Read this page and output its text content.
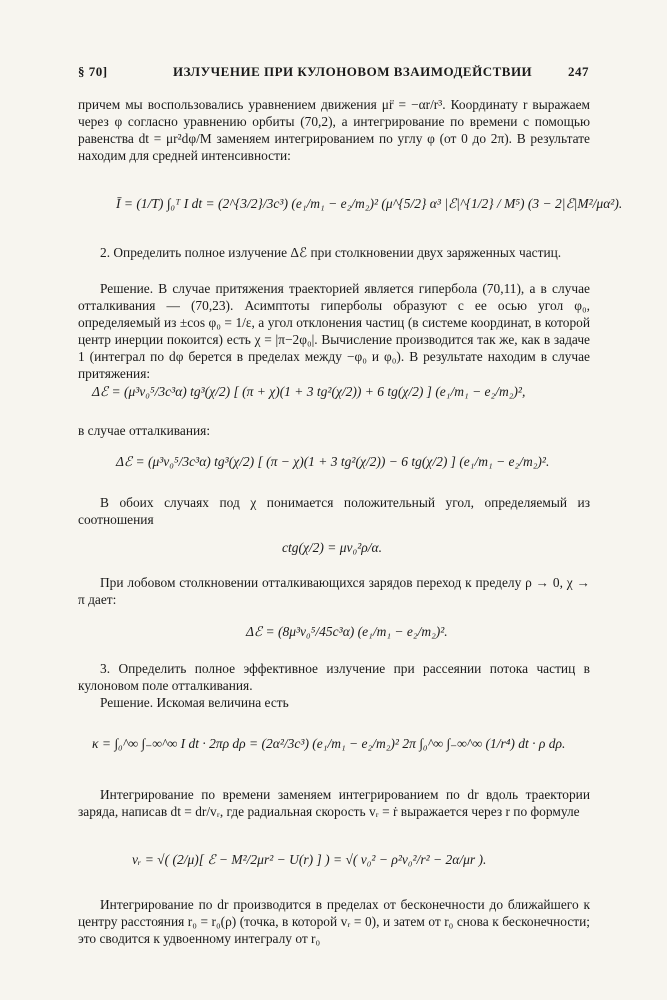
§ 70]	ИЗЛУЧЕНИЕ ПРИ КУЛОНОВОМ ВЗАИМОДЕЙСТВИИ	247
причем мы воспользовались уравнением движения μr̈ = −αr/r³. Координату r выражаем через φ согласно уравнению орбиты (70,2), а интегрирование по времени с помощью равенства dt = μr²dφ/M заменяем интегрированием по углу φ (от 0 до 2π). В результате находим для средней интенсивности:
Ī = (1/T) ∫₀ᵀ I dt = (2^{3/2}/3c³) (e₁/m₁ − e₂/m₂)² (μ^{5/2} α³ |ℰ|^{1/2} / M⁵) (3 − 2|ℰ|M²/μα²).
2. Определить полное излучение Δℰ при столкновении двух заряженных частиц.
Решение. В случае притяжения траекторией является гипербола (70,11), а в случае отталкивания — (70,23). Асимптоты гиперболы образуют с ее осью угол φ₀, определяемый из ±cos φ₀ = 1/ε, а угол отклонения частиц (в системе координат, в которой центр инерции покоится) есть χ = |π−2φ₀|. Вычисление производится так же, как в задаче 1 (интеграл по dφ берется в пределах между −φ₀ и φ₀). В результате находим в случае притяжения:
Δℰ = (μ³v₀⁵/3c³α) tg³(χ/2) [ (π + χ)(1 + 3 tg²(χ/2)) + 6 tg(χ/2) ] (e₁/m₁ − e₂/m₂)²,
в случае отталкивания:
Δℰ = (μ³v₀⁵/3c³α) tg³(χ/2) [ (π − χ)(1 + 3 tg²(χ/2)) − 6 tg(χ/2) ] (e₁/m₁ − e₂/m₂)².
В обоих случаях под χ понимается положительный угол, определяемый из соотношения
ctg(χ/2) = μv₀²ρ/α.
При лобовом столкновении отталкивающихся зарядов переход к пределу ρ → 0, χ → π дает:
Δℰ = (8μ³v₀⁵/45c³α) (e₁/m₁ − e₂/m₂)².
3. Определить полное эффективное излучение при рассеянии потока частиц в кулоновом поле отталкивания.
Решение. Искомая величина есть
κ = ∫₀^∞ ∫₋∞^∞ I dt · 2πρ dρ = (2α²/3c³) (e₁/m₁ − e₂/m₂)² 2π ∫₀^∞ ∫₋∞^∞ (1/r⁴) dt · ρ dρ.
Интегрирование по времени заменяем интегрированием по dr вдоль траектории заряда, написав dt = dr/vᵣ, где радиальная скорость vᵣ = ṙ выражается через r по формуле
vᵣ = √( (2/μ)[ ℰ − M²/2μr² − U(r) ] ) = √( v₀² − ρ²v₀²/r² − 2α/μr ).
Интегрирование по dr производится в пределах от бесконечности до ближайшего к центру расстояния r₀ = r₀(ρ) (точка, в которой vᵣ = 0), и затем от r₀ снова к бесконечности; это сводится к удвоенному интегралу от r₀
